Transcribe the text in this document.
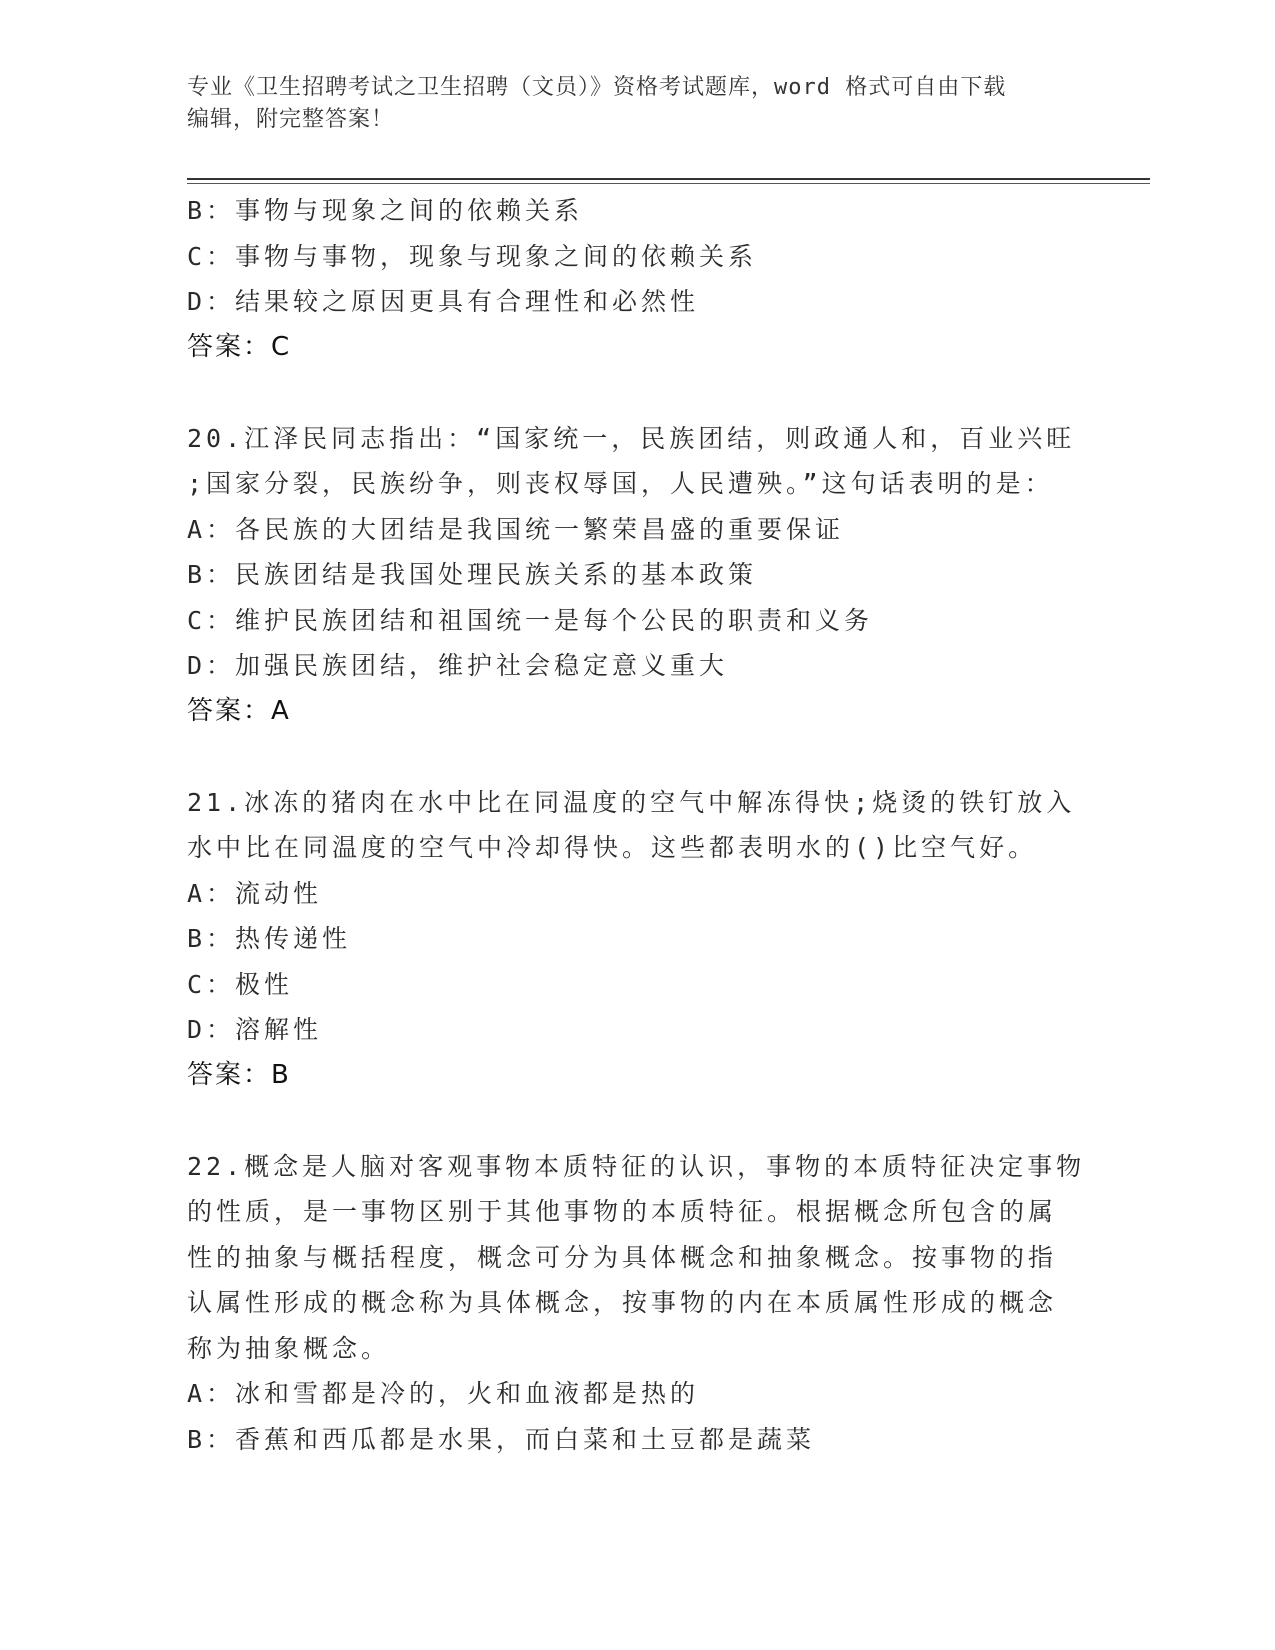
专业《卫生招聘考试之卫生招聘（文员）》资格考试题库，word 格式可自由下载
编辑，附完整答案！
B：事物与现象之间的依赖关系
C：事物与事物，现象与现象之间的依赖关系
D：结果较之原因更具有合理性和必然性
答案：C
20.江泽民同志指出：“国家统一，民族团结，则政通人和，百业兴旺
;国家分裂，民族纷争，则丧权辱国，人民遭殃。”这句话表明的是：
A：各民族的大团结是我国统一繁荣昌盛的重要保证
B：民族团结是我国处理民族关系的基本政策
C：维护民族团结和祖国统一是每个公民的职责和义务
D：加强民族团结，维护社会稳定意义重大
答案：A
21.冰冻的猪肉在水中比在同温度的空气中解冻得快;烧烫的铁钉放入
水中比在同温度的空气中冷却得快。这些都表明水的()比空气好。
A：流动性
B：热传递性
C：极性
D：溶解性
答案：B
22.概念是人脑对客观事物本质特征的认识，事物的本质特征决定事物
的性质，是一事物区别于其他事物的本质特征。根据概念所包含的属
性的抽象与概括程度，概念可分为具体概念和抽象概念。按事物的指
认属性形成的概念称为具体概念，按事物的内在本质属性形成的概念
称为抽象概念。
A：冰和雪都是冷的，火和血液都是热的
B：香蕉和西瓜都是水果，而白菜和土豆都是蔬菜
